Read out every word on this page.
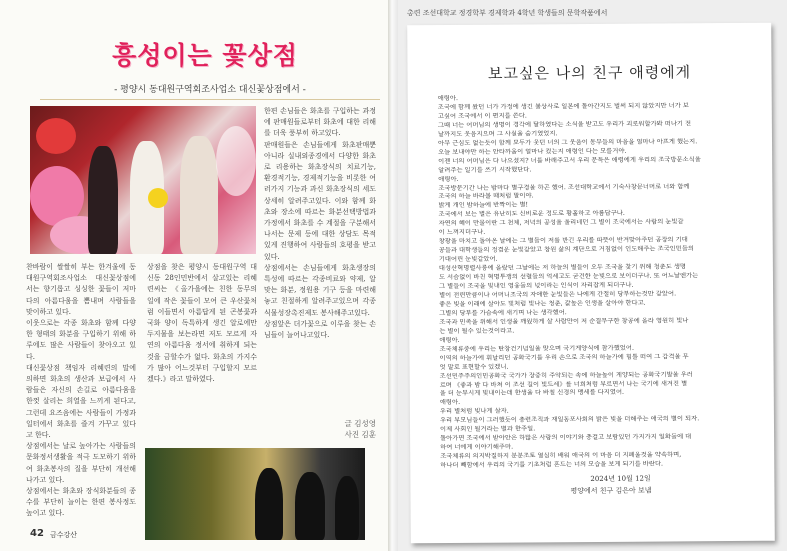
흥성이는 꽃상점
- 평양시 동대원구역회조사업소 대신꽃상점에서 -

찬바람이 쌀쌀히 부는 한겨울에 동대원구역회조사업소 대신꽃상점에서는 향기롭고 싱싱한 꽃들이 저마다의 아름다움을 뽐내며 사람들을 맞이하고 있다.

이웃으로는 각종 화초와 함께 다양한 형태의 화분을 구입하기 위해 하루에도 많은 사람들이 찾아오고 있다.

대신꽃상점 책임자 리혜련의 말에 의하면 화초의 생산과 보급에서 사람들은 자신의 손길로 아름다움을 한껏 살리는 희열을 느끼게 된다고, 그런데 요즈음에는 사람들이 가정과 일터에서 화초를 즐겨 가꾸고 있다고 한다.

상점에서는 날로 높아가는 사람들의 문화정서생활을 적극 도모하기 위하여 화초봉사의 질을 부단히 개선해나가고 있다.

상점에서는 화초와 장식화분들의 종수를 부단히 늘이는 한편 봉사정도 높이고 있다.

상점을 찾은 평양시 동대원구역 대신동 28인민반에서 살고있는 리혜련씨는 《올가을에는 친한 동무의 일에 작은 꽃들이 모여 큰 우산꽃처럼 이들면서 아름답게 된 곤봉꽃과 국화 양이 독특하게 생긴 알로에만두지물을 보는라면 저도 모르게 자연의 아름다움 정서에 취하게 되는것을 금할수가 없다. 화초의 가지수가 많아 어느것부터 구입할지 모르겠다.》라고 말하였다.

한편 손님들은 화초를 구입하는 과정에 판매원들로부터 화초에 대한 리해를 더욱 풍부히 하고있다.

판매원들은 손님들에게 화초판매뿐아니라 실내외종경에서 다양한 화초로 리용하는 화초장식의 치료기능, 환경적기능, 경제적기능을 비롯한 여러가지 기능과 과신 화초장식의 세도 상세히 알려주고있다. 이와 함께 화초와 장소에 따르는 화분선택방법과 가정에서 화초를 수 계절을 구분해서 나서는 문제 등에 대한 상담도 목적 있게 진행하여 사람들의 호평을 받고있다.

상점에서는 손님들에게 화초생장의 특성에 따르는 각종비료와 약제, 알맞는 화분, 정원용 기구 등을 마련해놓고 친절하게 알려주고있으며 각종 식물성장촉진제도 봉사해주고있다.

상점앞은 더가꽃으로 이루을 찾는 손님들이 늘어나고있다.

글 김성영
사진 김훈
42 금수강산
총련 조선대학교 정경학부 경제학과 4학년 학생들의 문학작품에서
보고싶은 나의 친구 애령에게

애령아.

조국에 함께 왔던 너가 가정에 생긴 불상사로 일본에 돌아간지도 벌써 되지 않았지만 너가 보

고싶어 조국에서 이 편지를 쓴다.

그때 너는 어머님의 생명이 경각에 달하였다는 소식을 받고도 우리가 괴로워할가봐 떠나기 전

날까지도 웃음지으며 그 사실을 숨기였었지.

아무 근심도 없는듯이 함께 모두가 웃던 너의 그 웃음이 동무들의 마음을 얼마나 아프게 했는지.

오늘 보내야만 하는 안타까움이 얼마나 컸는지 애령인 다는 모를거야.

이젠 너의 어머님은 다 나으셨지? 너를 바래주고서 우리 문득은 애령에게 우리의 조국방문소식을

알려주는 일기를 쓰기 시작했단다.

애령아.

조국방문기간 나는 밤마다 별구경을 하곤 했어. 조선대학교에서 기숙사창문너머로 너와 함께

조국의 하늘 바라볼 때처럼 말이야.

밝게 개인 밤하늘에 반짝이는 별!

조국에서 보는 별은 유난히도 신비로운 정도로 황홀하고 아름답구나.

자연의 혜이 만물이란 그 천체, 저녁의 공성을 울리네던 그 별이 조국에서는 사람의 눈빛같

이 느껴지더구나.

창광을 마치고 돌아온 날에는 그 별들이 저를 반긴 우리를 따뜻이 반겨맞아주던 공장의 기대

공들과 대학생들의 정겹운 눈빛같았고 창원 삶의 계단으로 거침없이 인도해주는 조국인민들의

기대어린 눈빛같았어.

대성산혁명렬사릉에 올랐던 그날에는 저 하늘의 별들이 오두 조국을 찾기 위해 청춘도 생명

도 서슴없이 바친 혁명투쟁의 선렬들의 억세고도 굳건한 눈빛으로 보이더구나. 또 어느날엔가는

그 별들이 조국을 빛내인 영웅들의 넋이라는 인식이 자리잡게 되더구나.

별이 전련만큼이나 어머니조국의 자애한 눈빛들은 나에게 간절히 당부하는것만 같았어.

좋은 빛을 이래에 살아도 빛처럼 빛나는 청춘, 값높은 인생을 살아야 한다고.

그별의 당부를 가슴속에 새기며 나는 생각했어.

조국과 민족을 위해서 인생을 깨웠하게 살 사람만이 저 순결무구한 창공에 올라 영원히 빛나

는 별이 될수 있는것이라고.

애령아.

조국체류중에 우리는 탄창건기념일을 맞으며 국기게양식에 참가했었어.

이역의 하늘가에 휘날리던 공화국기를 우리 손으로 조국의 하늘가에 힘틀 떠여 그 감격을 무

엇 말로 표현할수 있겠니.

조선민주주의인민공화국 국가가 장중히 주악되는 속에 하늘높이 게양되는 공화국기발을 우러

르며 《좋과 밤 다 바쳐 이 조선 길이 빛드세》를 너희처럼 부르면서 나는 국기에 새겨진 별

을 더 눈부시게 빛내이는데 한생을 다 바칠 신경의 맹세를 다지였어.

애령아.

우리 별처럼 빛나게 살자.

우리 부모님들이 그러했듯이 총련조직과 재일동포사회의 밝은 빛을 더해주는 애국의 별이 되자.

이제 사회인 될거라는 별과 한주일.

돌아가면 조국에서 받아안은 하많은 사랑의 이야기와 충걸고 보람있던 가지가지 일화들에 대

하여 너에게 이야기해주마.

조국체류의 의지박질하지 분분조토 열심히 배워 애국의 이 마음 더 지폐울것을 약속하며,

하나더 빼함에서 우리의 국기를 기초처럼 혼드는 너의 모습을 보게 되기를 바란다.

2024년 10월 12일
평양에서 친구 김은아 보냄
